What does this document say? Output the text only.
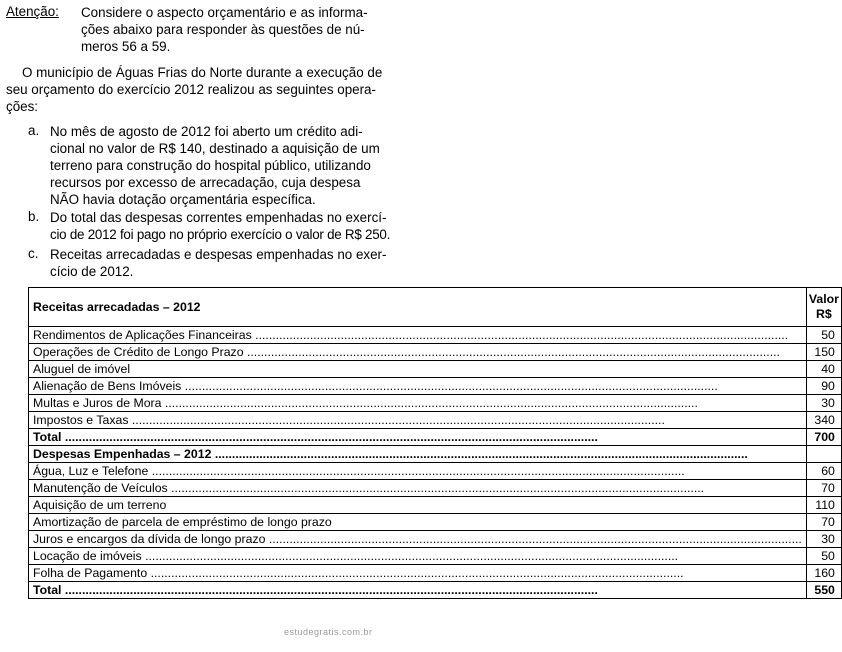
Atenção: Considere o aspecto orçamentário e as informa-
ções abaixo para responder às questões de nú-
meros 56 a 59.
O município de Águas Frias do Norte durante a execução de
seu orçamento do exercício 2012 realizou as seguintes opera-
ções:
a. No mês de agosto de 2012 foi aberto um crédito adi-
cional no valor de R$ 140, destinado a aquisição de um
terreno para construção do hospital público, utilizando
recursos por excesso de arrecadação, cuja despesa
NÃO havia dotação orçamentária específica.
b. Do total das despesas correntes empenhadas no exercí-
cio de 2012 foi pago no próprio exercício o valor de R$ 250.
c. Receitas arrecadadas e despesas empenhadas no exer-
cício de 2012.
Receitas arrecadadas – 2012	Valor
R$

Rendimentos de Aplicações Financeiras .....	50
Operações de Crédito de Longo Prazo .....	150
Aluguel de imóvel	40
Alienação de Bens Imóveis .....	90
Multas e Juros de Mora .....	30
Impostos e Taxas .....	340
Total .....	700
Despesas Empenhadas – 2012 .....	
Água, Luz e Telefone .....	60
Manutenção de Veículos .....	70
Aquisição de um terreno	110
Amortização de parcela de empréstimo de longo prazo	70
Juros e encargos da dívida de longo prazo .....	30
Locação de imóveis .....	50
Folha de Pagamento .....	160
Total .....	550
estudegratis.com.br
